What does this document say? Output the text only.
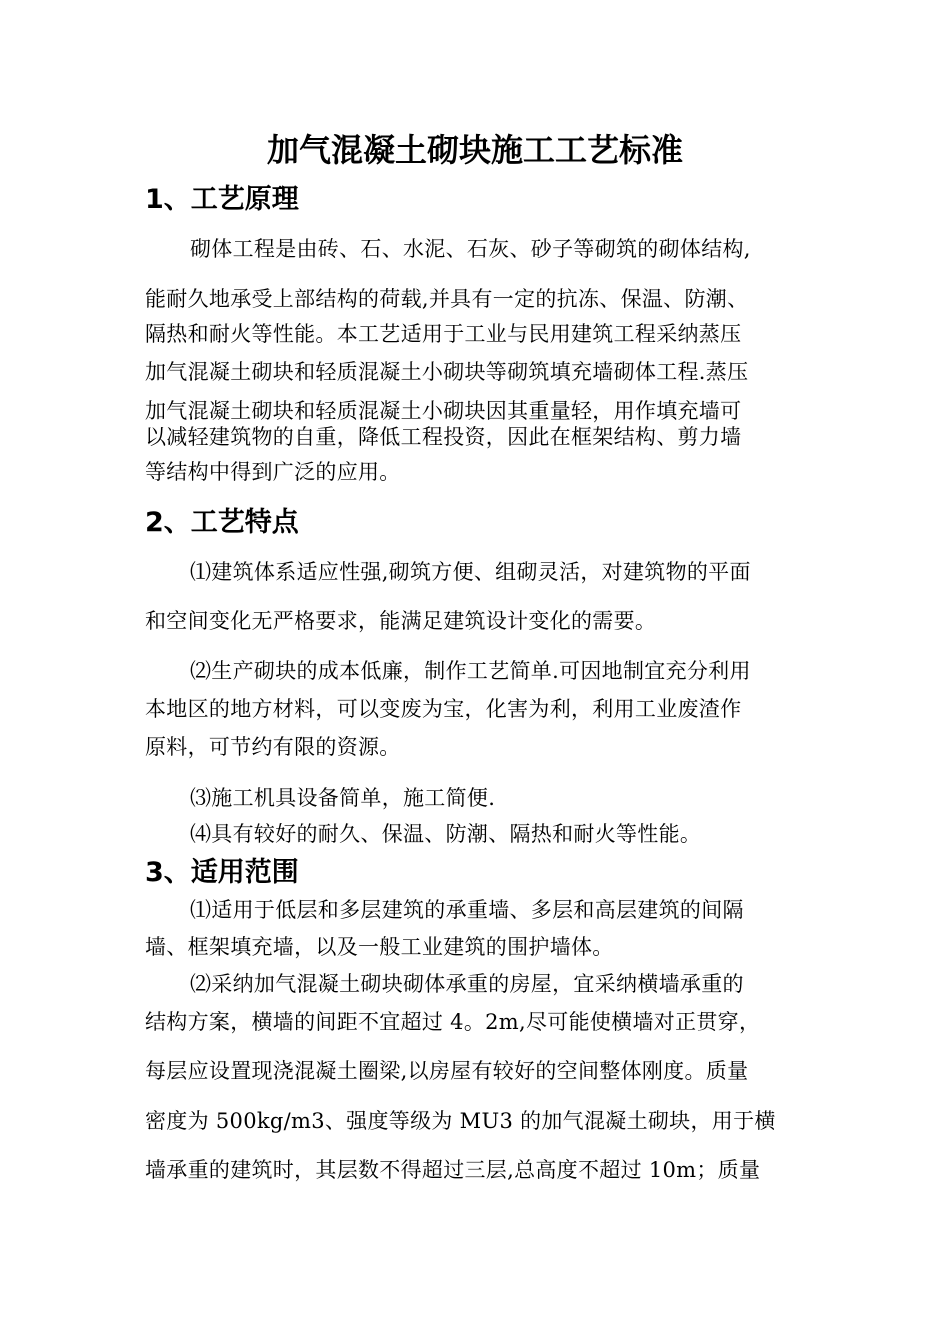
加气混凝土砌块施工工艺标准
1、工艺原理
砌体工程是由砖、石、水泥、石灰、砂子等砌筑的砌体结构,
能耐久地承受上部结构的荷载,并具有一定的抗冻、保温、防潮、
隔热和耐火等性能。本工艺适用于工业与民用建筑工程采纳蒸压
加气混凝土砌块和轻质混凝土小砌块等砌筑填充墙砌体工程.蒸压
加气混凝土砌块和轻质混凝土小砌块因其重量轻，用作填充墙可
以减轻建筑物的自重，降低工程投资，因此在框架结构、剪力墙
等结构中得到广泛的应用。
2、工艺特点
⑴建筑体系适应性强,砌筑方便、组砌灵活，对建筑物的平面
和空间变化无严格要求，能满足建筑设计变化的需要。
⑵生产砌块的成本低廉，制作工艺简单.可因地制宜充分利用
本地区的地方材料，可以变废为宝，化害为利，利用工业废渣作
原料，可节约有限的资源。
⑶施工机具设备简单，施工简便.
⑷具有较好的耐久、保温、防潮、隔热和耐火等性能。
3、适用范围
⑴适用于低层和多层建筑的承重墙、多层和高层建筑的间隔
墙、框架填充墙，以及一般工业建筑的围护墙体。
⑵采纳加气混凝土砌块砌体承重的房屋，宜采纳横墙承重的
结构方案，横墙的间距不宜超过 4。2m,尽可能使横墙对正贯穿，
每层应设置现浇混凝土圈梁,以房屋有较好的空间整体刚度。质量
密度为 500kg/m3、强度等级为 MU3 的加气混凝土砌块，用于横
墙承重的建筑时，其层数不得超过三层,总高度不超过 10m；质量
